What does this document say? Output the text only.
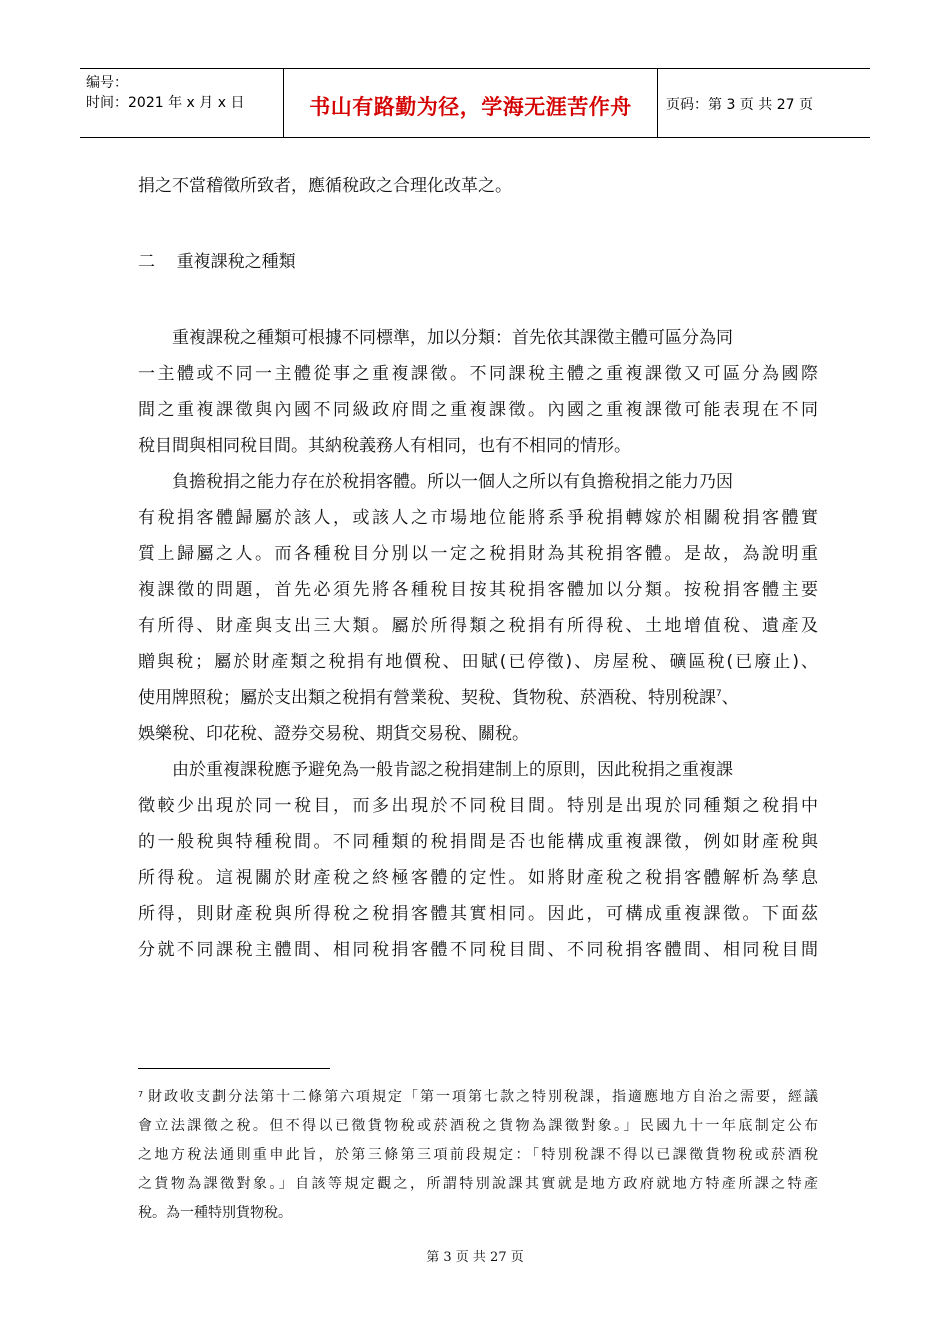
编号：
时间：2021 年 x 月 x 日	书山有路勤为径，学海无涯苦作舟	页码：第 3 页 共 27 页
捐之不當稽徵所致者，應循稅政之合理化改革之。
二    重複課稅之種類
重複課稅之種類可根據不同標準，加以分類：首先依其課徵主體可區分為同
一主體或不同一主體從事之重複課徵。不同課稅主體之重複課徵又可區分為國際
間之重複課徵與內國不同級政府間之重複課徵。內國之重複課徵可能表現在不同
稅目間與相同稅目間。其納稅義務人有相同，也有不相同的情形。
負擔稅捐之能力存在於稅捐客體。所以一個人之所以有負擔稅捐之能力乃因
有稅捐客體歸屬於該人，或該人之市場地位能將系爭稅捐轉嫁於相關稅捐客體實
質上歸屬之人。而各種稅目分別以一定之稅捐財為其稅捐客體。是故，為說明重
複課徵的問題，首先必須先將各種稅目按其稅捐客體加以分類。按稅捐客體主要
有所得、財產與支出三大類。屬於所得類之稅捐有所得稅、土地增值稅、遺產及
贈與稅；屬於財產類之稅捐有地價稅、田賦(已停徵)、房屋稅、礦區稅(已廢止)、
使用牌照稅；屬於支出類之稅捐有營業稅、契稅、貨物稅、菸酒稅、特別稅課$^7$、
娛樂稅、印花稅、證券交易稅、期貨交易稅、關稅。
由於重複課稅應予避免為一般肯認之稅捐建制上的原則，因此稅捐之重複課
徵較少出現於同一稅目，而多出現於不同稅目間。特別是出現於同種類之稅捐中
的一般稅與特種稅間。不同種類的稅捐間是否也能構成重複課徵，例如財產稅與
所得稅。這視關於財產稅之終極客體的定性。如將財產稅之稅捐客體解析為孳息
所得，則財產稅與所得稅之稅捐客體其實相同。因此，可構成重複課徵。下面茲
分就不同課稅主體間、相同稅捐客體不同稅目間、不同稅捐客體間、相同稅目間
$^7$ 財政收支劃分法第十二條第六項規定「第一項第七款之特別稅課，指適應地方自治之需要，經議
會立法課徵之稅。但不得以已徵貨物稅或菸酒稅之貨物為課徵對象。」民國九十一年底制定公布
之地方稅法通則重申此旨，於第三條第三項前段規定：「特別稅課不得以已課徵貨物稅或菸酒稅
之貨物為課徵對象。」自該等規定觀之，所謂特別說課其實就是地方政府就地方特產所課之特產
稅。為一種特別貨物稅。
第 3 页 共 27 页
